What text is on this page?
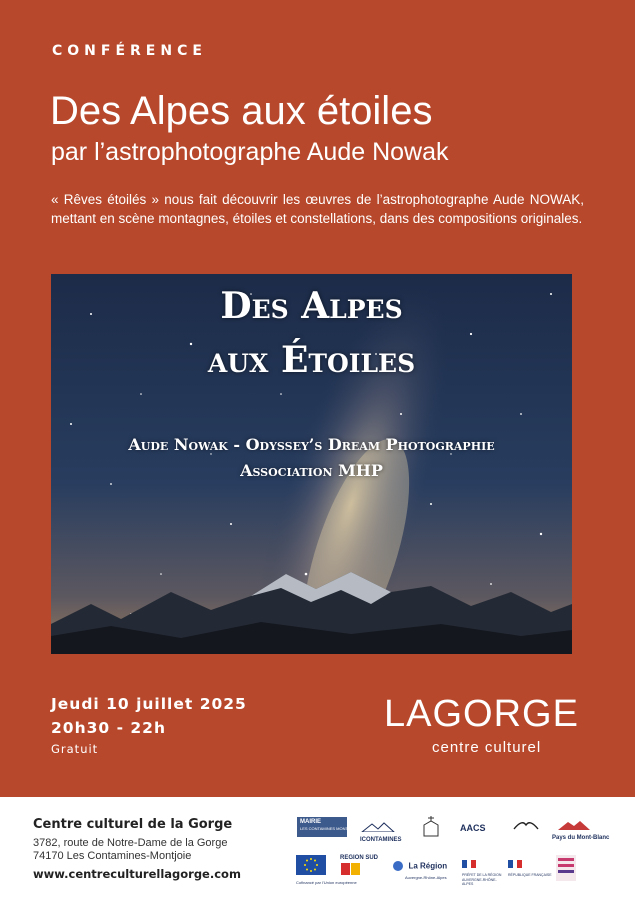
CONFÉRENCE
Des Alpes aux étoiles
par l’astrophotographe Aude Nowak
« Rêves étoilés » nous fait découvrir les œuvres de l’astrophotographe Aude NOWAK, mettant en scène montagnes, étoiles et constellations, dans des compositions originales.
Des Alpes
aux Étoiles
Aude Nowak - Odyssey’s Dream Photographie
Association MHP
Jeudi 10 juillet 2025
20h30 - 22h
Gratuit
LAGORGE
centre culturel
Centre culturel de la Gorge
3782, route de Notre-Dame de la Gorge
74170 Les Contamines-Montjoie
www.centreculturellagorge.com
MAIRIE
LES CONTAMINES MONTJOIE
ICONTAMINES
AACS
Pays du Mont-Blanc
Cofinancé par l’Union européenne
REGION SUD
La Région
Auvergne-Rhône-Alpes	PRÉFET DE LA RÉGION AUVERGNE-RHÔNE-ALPES
RÉPUBLIQUE FRANÇAISE
